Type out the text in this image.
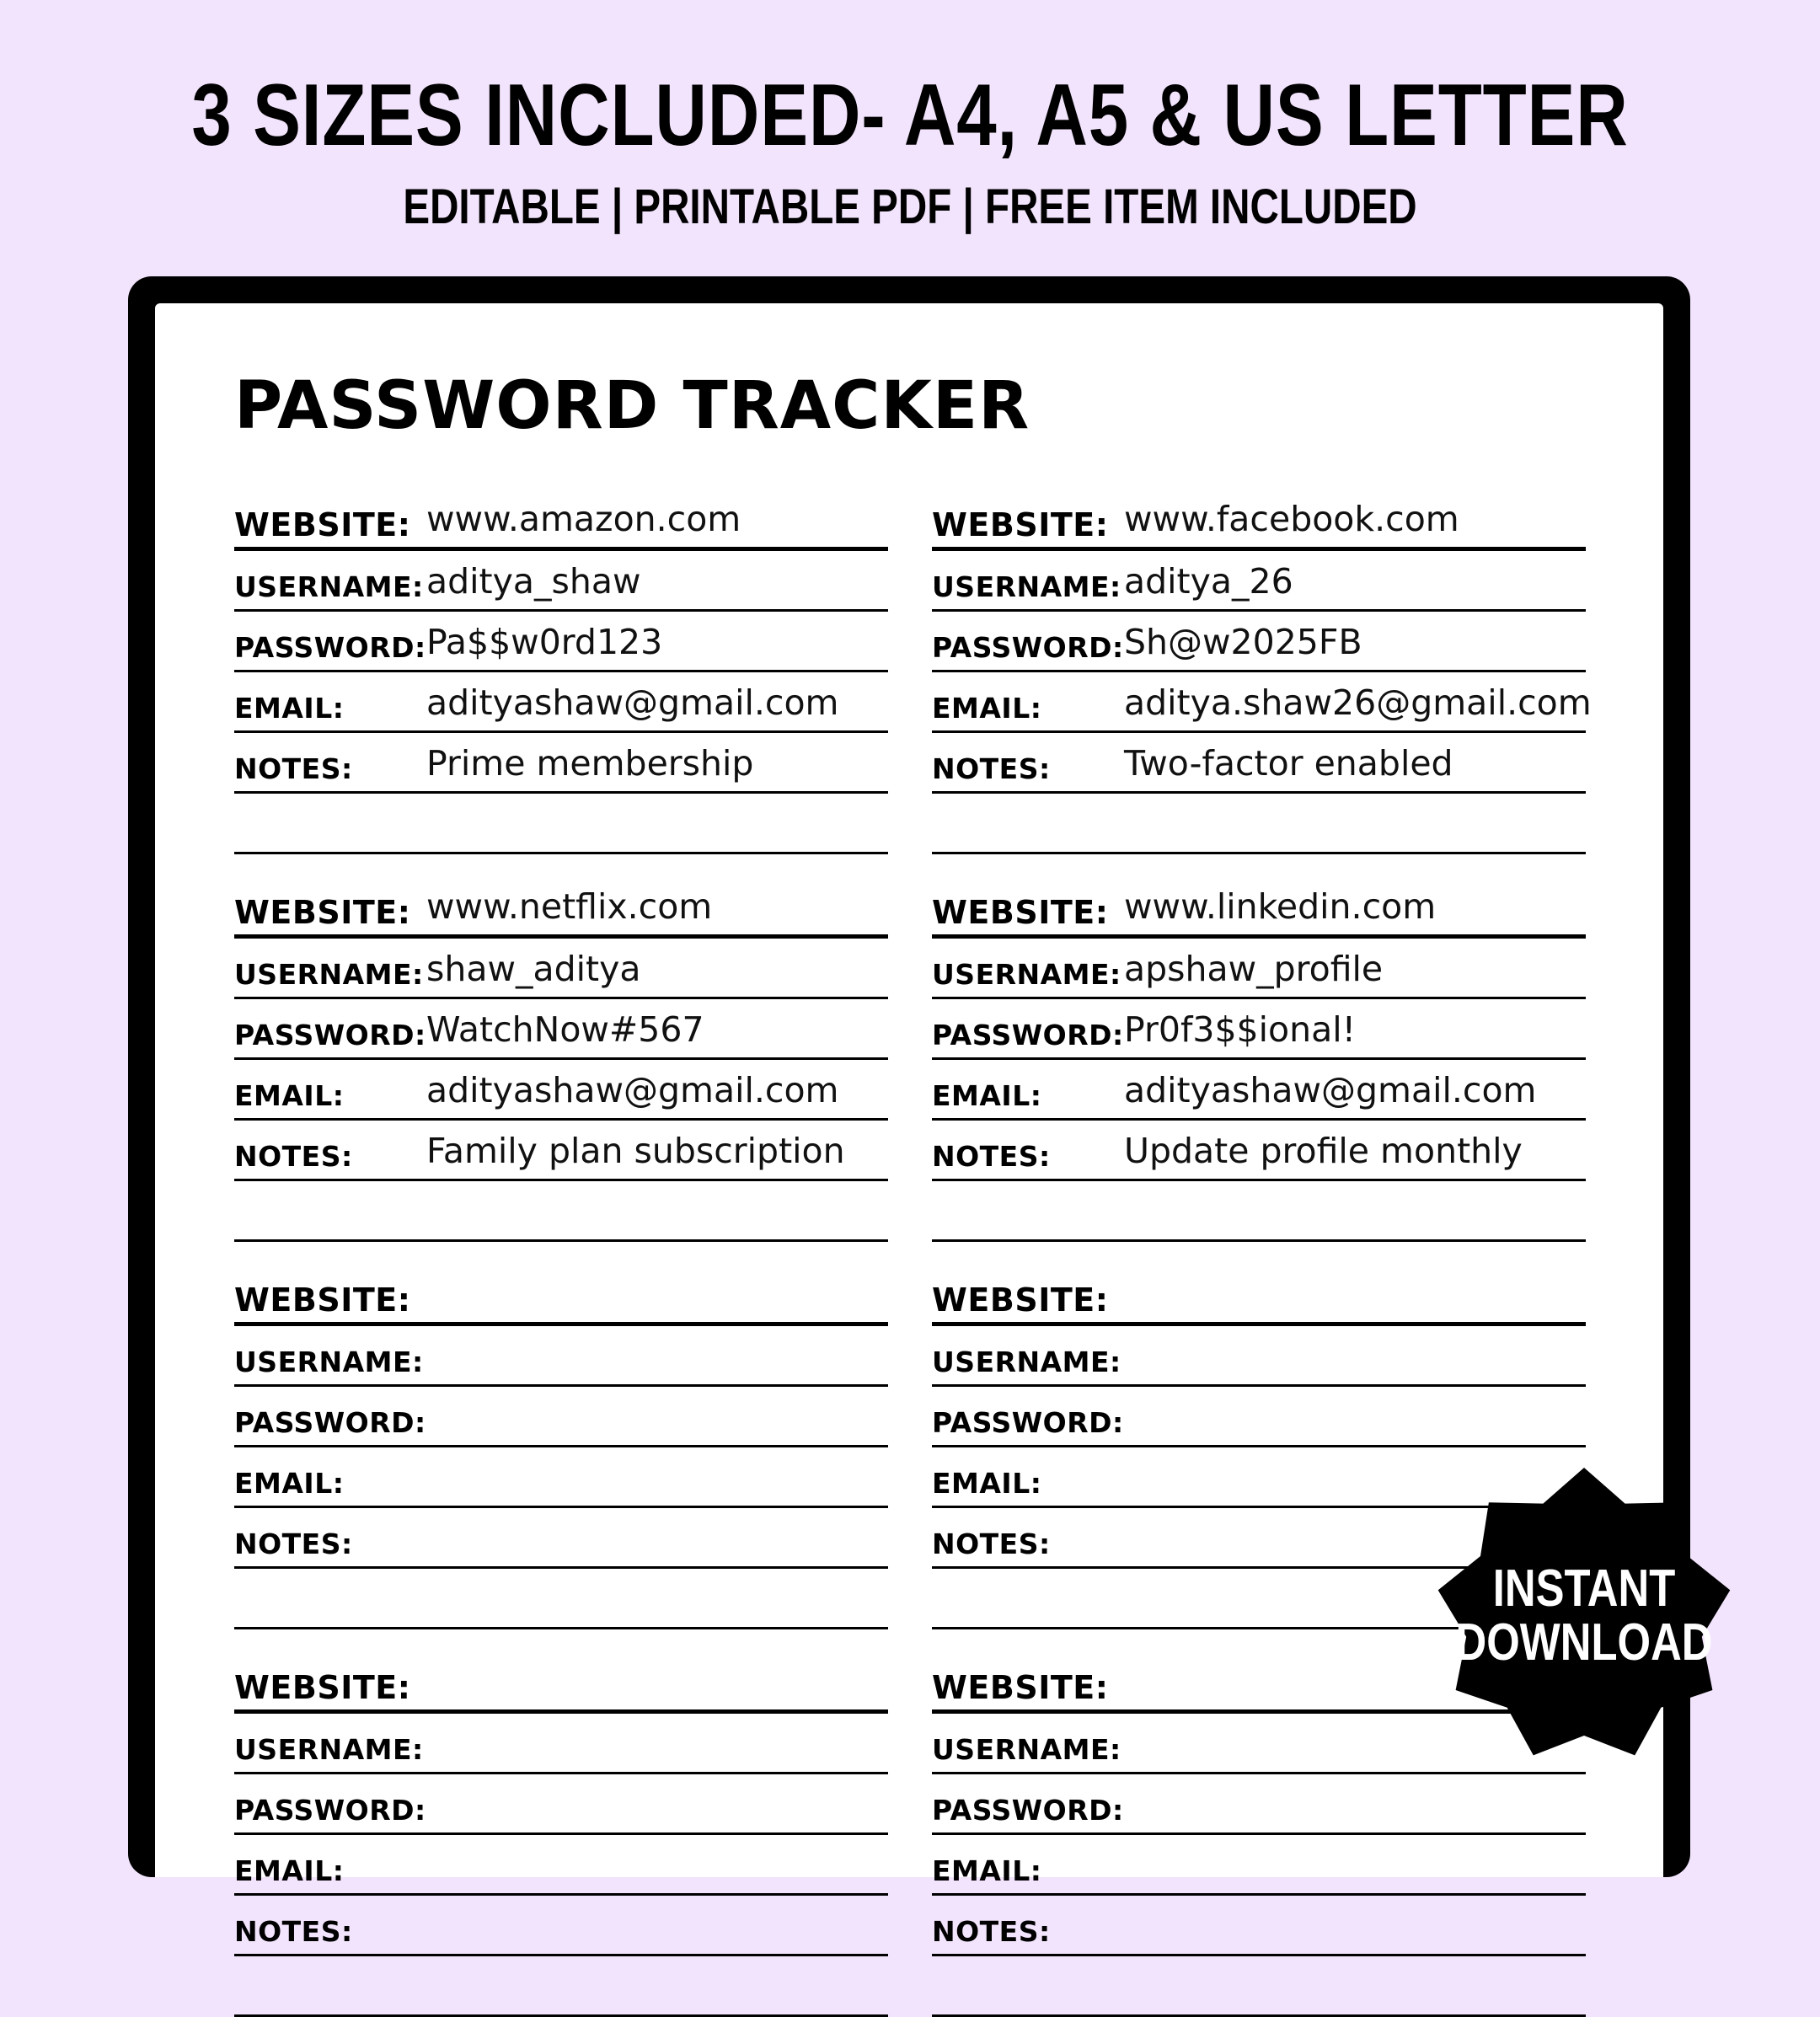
3 SIZES INCLUDED- A4, A5 & US LETTER
EDITABLE | PRINTABLE PDF | FREE ITEM INCLUDED
PASSWORD TRACKER
WEBSITE: www.amazon.com
USERNAME: aditya_shaw
PASSWORD: Pa$$w0rd123
EMAIL: adityashaw@gmail.com
NOTES: Prime membership
WEBSITE: www.facebook.com
USERNAME: aditya_26
PASSWORD: Sh@w2025FB
EMAIL: aditya.shaw26@gmail.com
NOTES: Two-factor enabled
WEBSITE: www.netflix.com
USERNAME: shaw_aditya
PASSWORD: WatchNow#567
EMAIL: adityashaw@gmail.com
NOTES: Family plan subscription
WEBSITE: www.linkedin.com
USERNAME: apshaw_profile
PASSWORD: Pr0f3$$ional!
EMAIL: adityashaw@gmail.com
NOTES: Update profile monthly
WEBSITE:
USERNAME:
PASSWORD:
EMAIL:
NOTES:
WEBSITE:
USERNAME:
PASSWORD:
EMAIL:
NOTES:
WEBSITE:
USERNAME:
PASSWORD:
EMAIL:
NOTES:
WEBSITE:
USERNAME:
PASSWORD:
EMAIL:
NOTES:
INSTANT
DOWNLOAD
